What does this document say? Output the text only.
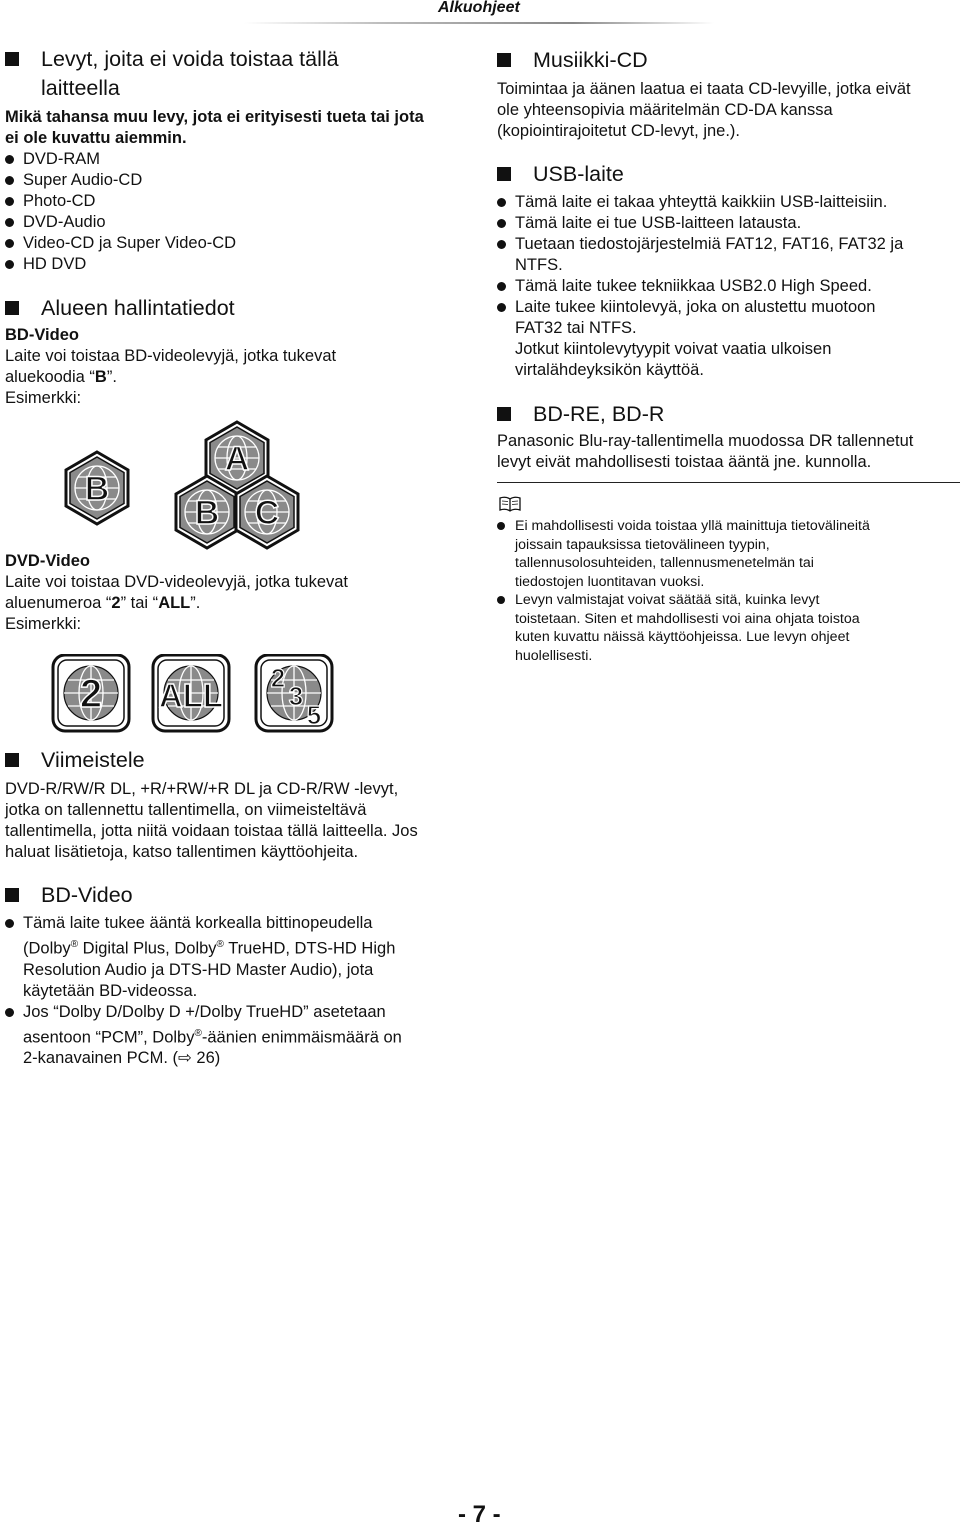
Alkuohjeet
Levyt, joita ei voida toistaa tällä
laitteella
Mikä tahansa muu levy, jota ei erityisesti tueta tai jota
ei ole kuvattu aiemmin.
DVD-RAM
Super Audio-CD
Photo-CD
DVD-Audio
Video-CD ja Super Video-CD
HD DVD
Alueen hallintatiedot
BD-Video
Laite voi toistaa BD-videolevyjä, jotka tukevat
aluekoodia “B”.
Esimerkki:
B
A
B C
DVD-Video
Laite voi toistaa DVD-videolevyjä, jotka tukevat
aluenumeroa “2” tai “ALL”.
Esimerkki:
2 ALL 2
3
5
Viimeistele
DVD-R/RW/R DL, +R/+RW/+R DL ja CD-R/RW -levyt,
jotka on tallennettu tallentimella, on viimeisteltävä
tallentimella, jotta niitä voidaan toistaa tällä laitteella. Jos
haluat lisätietoja, katso tallentimen käyttöohjeita.
BD-Video
Tämä laite tukee ääntä korkealla bittinopeudella
(Dolby® Digital Plus, Dolby® TrueHD, DTS-HD High
Resolution Audio ja DTS-HD Master Audio), jota
käytetään BD-videossa.
Jos “Dolby D/Dolby D +/Dolby TrueHD” asetetaan
asentoon “PCM”, Dolby®-äänien enimmäismäärä on
2-kanavainen PCM. (⇨ 26)
Musiikki-CD
Toimintaa ja äänen laatua ei taata CD-levyille, jotka eivät
ole yhteensopivia määritelmän CD-DA kanssa
(kopiointirajoitetut CD-levyt, jne.).
USB-laite
Tämä laite ei takaa yhteyttä kaikkiin USB-laitteisiin.
Tämä laite ei tue USB-laitteen latausta.
Tuetaan tiedostojärjestelmiä FAT12, FAT16, FAT32 ja
NTFS.
Tämä laite tukee tekniikkaa USB2.0 High Speed.
Laite tukee kiintolevyä, joka on alustettu muotoon
FAT32 tai NTFS.
Jotkut kiintolevytyypit voivat vaatia ulkoisen
virtalähdeyksikön käyttöä.
BD-RE, BD-R
Panasonic Blu-ray-tallentimella muodossa DR tallennetut
levyt eivät mahdollisesti toistaa ääntä jne. kunnolla.
Ei mahdollisesti voida toistaa yllä mainittuja tietovälineitä
joissain tapauksissa tietovälineen tyypin,
tallennusolosuhteiden, tallennusmenetelmän tai
tiedostojen luontitavan vuoksi.
Levyn valmistajat voivat säätää sitä, kuinka levyt
toistetaan. Siten et mahdollisesti voi aina ohjata toistoa
kuten kuvattu näissä käyttöohjeissa. Lue levyn ohjeet
huolellisesti.
- 7 -
